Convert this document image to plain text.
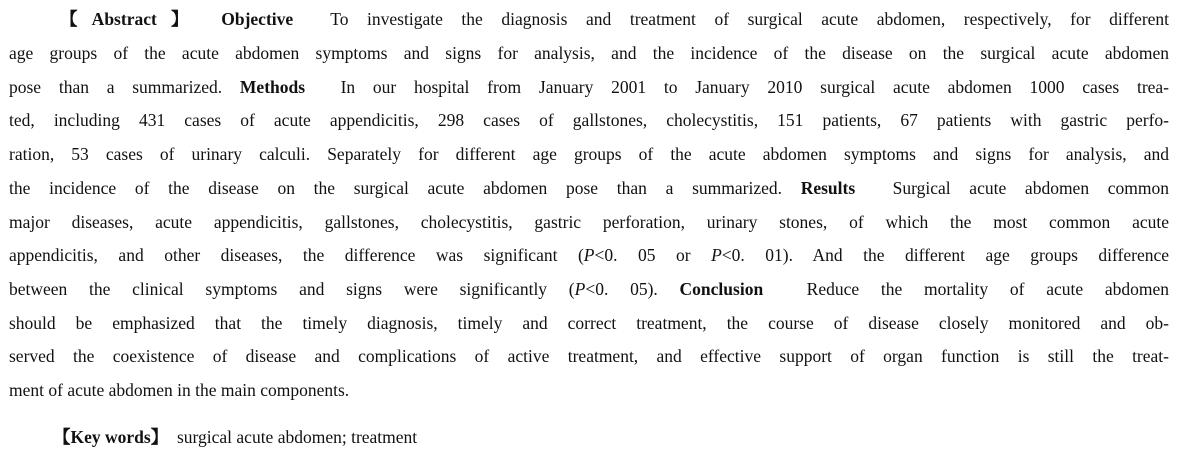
【Abstract】 Objective To investigate the diagnosis and treatment of surgical acute abdomen, respectively, for different
age groups of the acute abdomen symptoms and signs for analysis, and the incidence of the disease on the surgical acute abdomen
pose than a summarized. Methods In our hospital from January 2001 to January 2010 surgical acute abdomen 1000 cases trea-
ted, including 431 cases of acute appendicitis, 298 cases of gallstones, cholecystitis, 151 patients, 67 patients with gastric perfo-
ration, 53 cases of urinary calculi. Separately for different age groups of the acute abdomen symptoms and signs for analysis, and
the incidence of the disease on the surgical acute abdomen pose than a summarized. Results Surgical acute abdomen common
major diseases, acute appendicitis, gallstones, cholecystitis, gastric perforation, urinary stones, of which the most common acute
appendicitis, and other diseases, the difference was significant (P<0. 05 or P<0. 01). And the different age groups difference
between the clinical symptoms and signs were significantly (P<0. 05). Conclusion Reduce the mortality of acute abdomen
should be emphasized that the timely diagnosis, timely and correct treatment, the course of disease closely monitored and ob-
served the coexistence of disease and complications of active treatment, and effective support of organ function is still the treat-
ment of acute abdomen in the main components.
【Key words】 surgical acute abdomen; treatment
